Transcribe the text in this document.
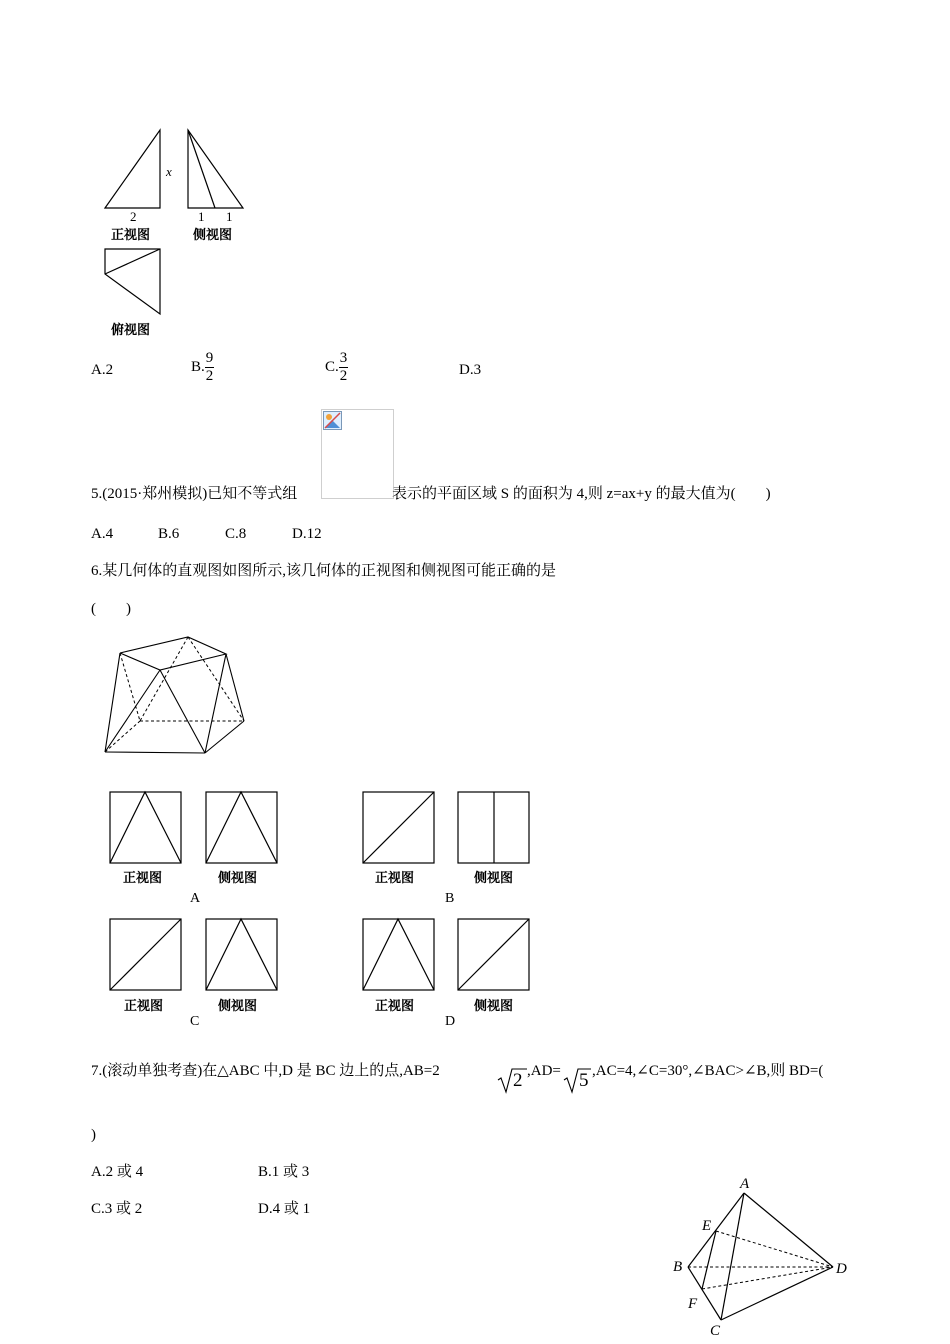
2	1 1
x
正视图	侧视图
俯视图
A.2	B. $\frac{9}{2}$	C. $\frac{3}{2}$	D.3
5.(2015·郑州模拟)已知不等式组	表示的平面区域 S 的面积为 4,则 z=ax+y 的最大值为(　　)
A.4	B.6	C.8	D.12
6.某几何体的直观图如图所示,该几何体的正视图和侧视图可能正确的是
(　　)
正视图	侧视图
A
正视图	侧视图
B
正视图	侧视图
C
正视图	侧视图
D
7.(滚动单独考查)在△ABC 中,D 是 BC 边上的点,AB=2	2 ,AD= 5 ,AC=4,∠C=30°,∠BAC>∠B,则 BD=(
)
A.2 或 4	B.1 或 3
C.3 或 2	D.4 或 1
A
B
C
D
E
F
